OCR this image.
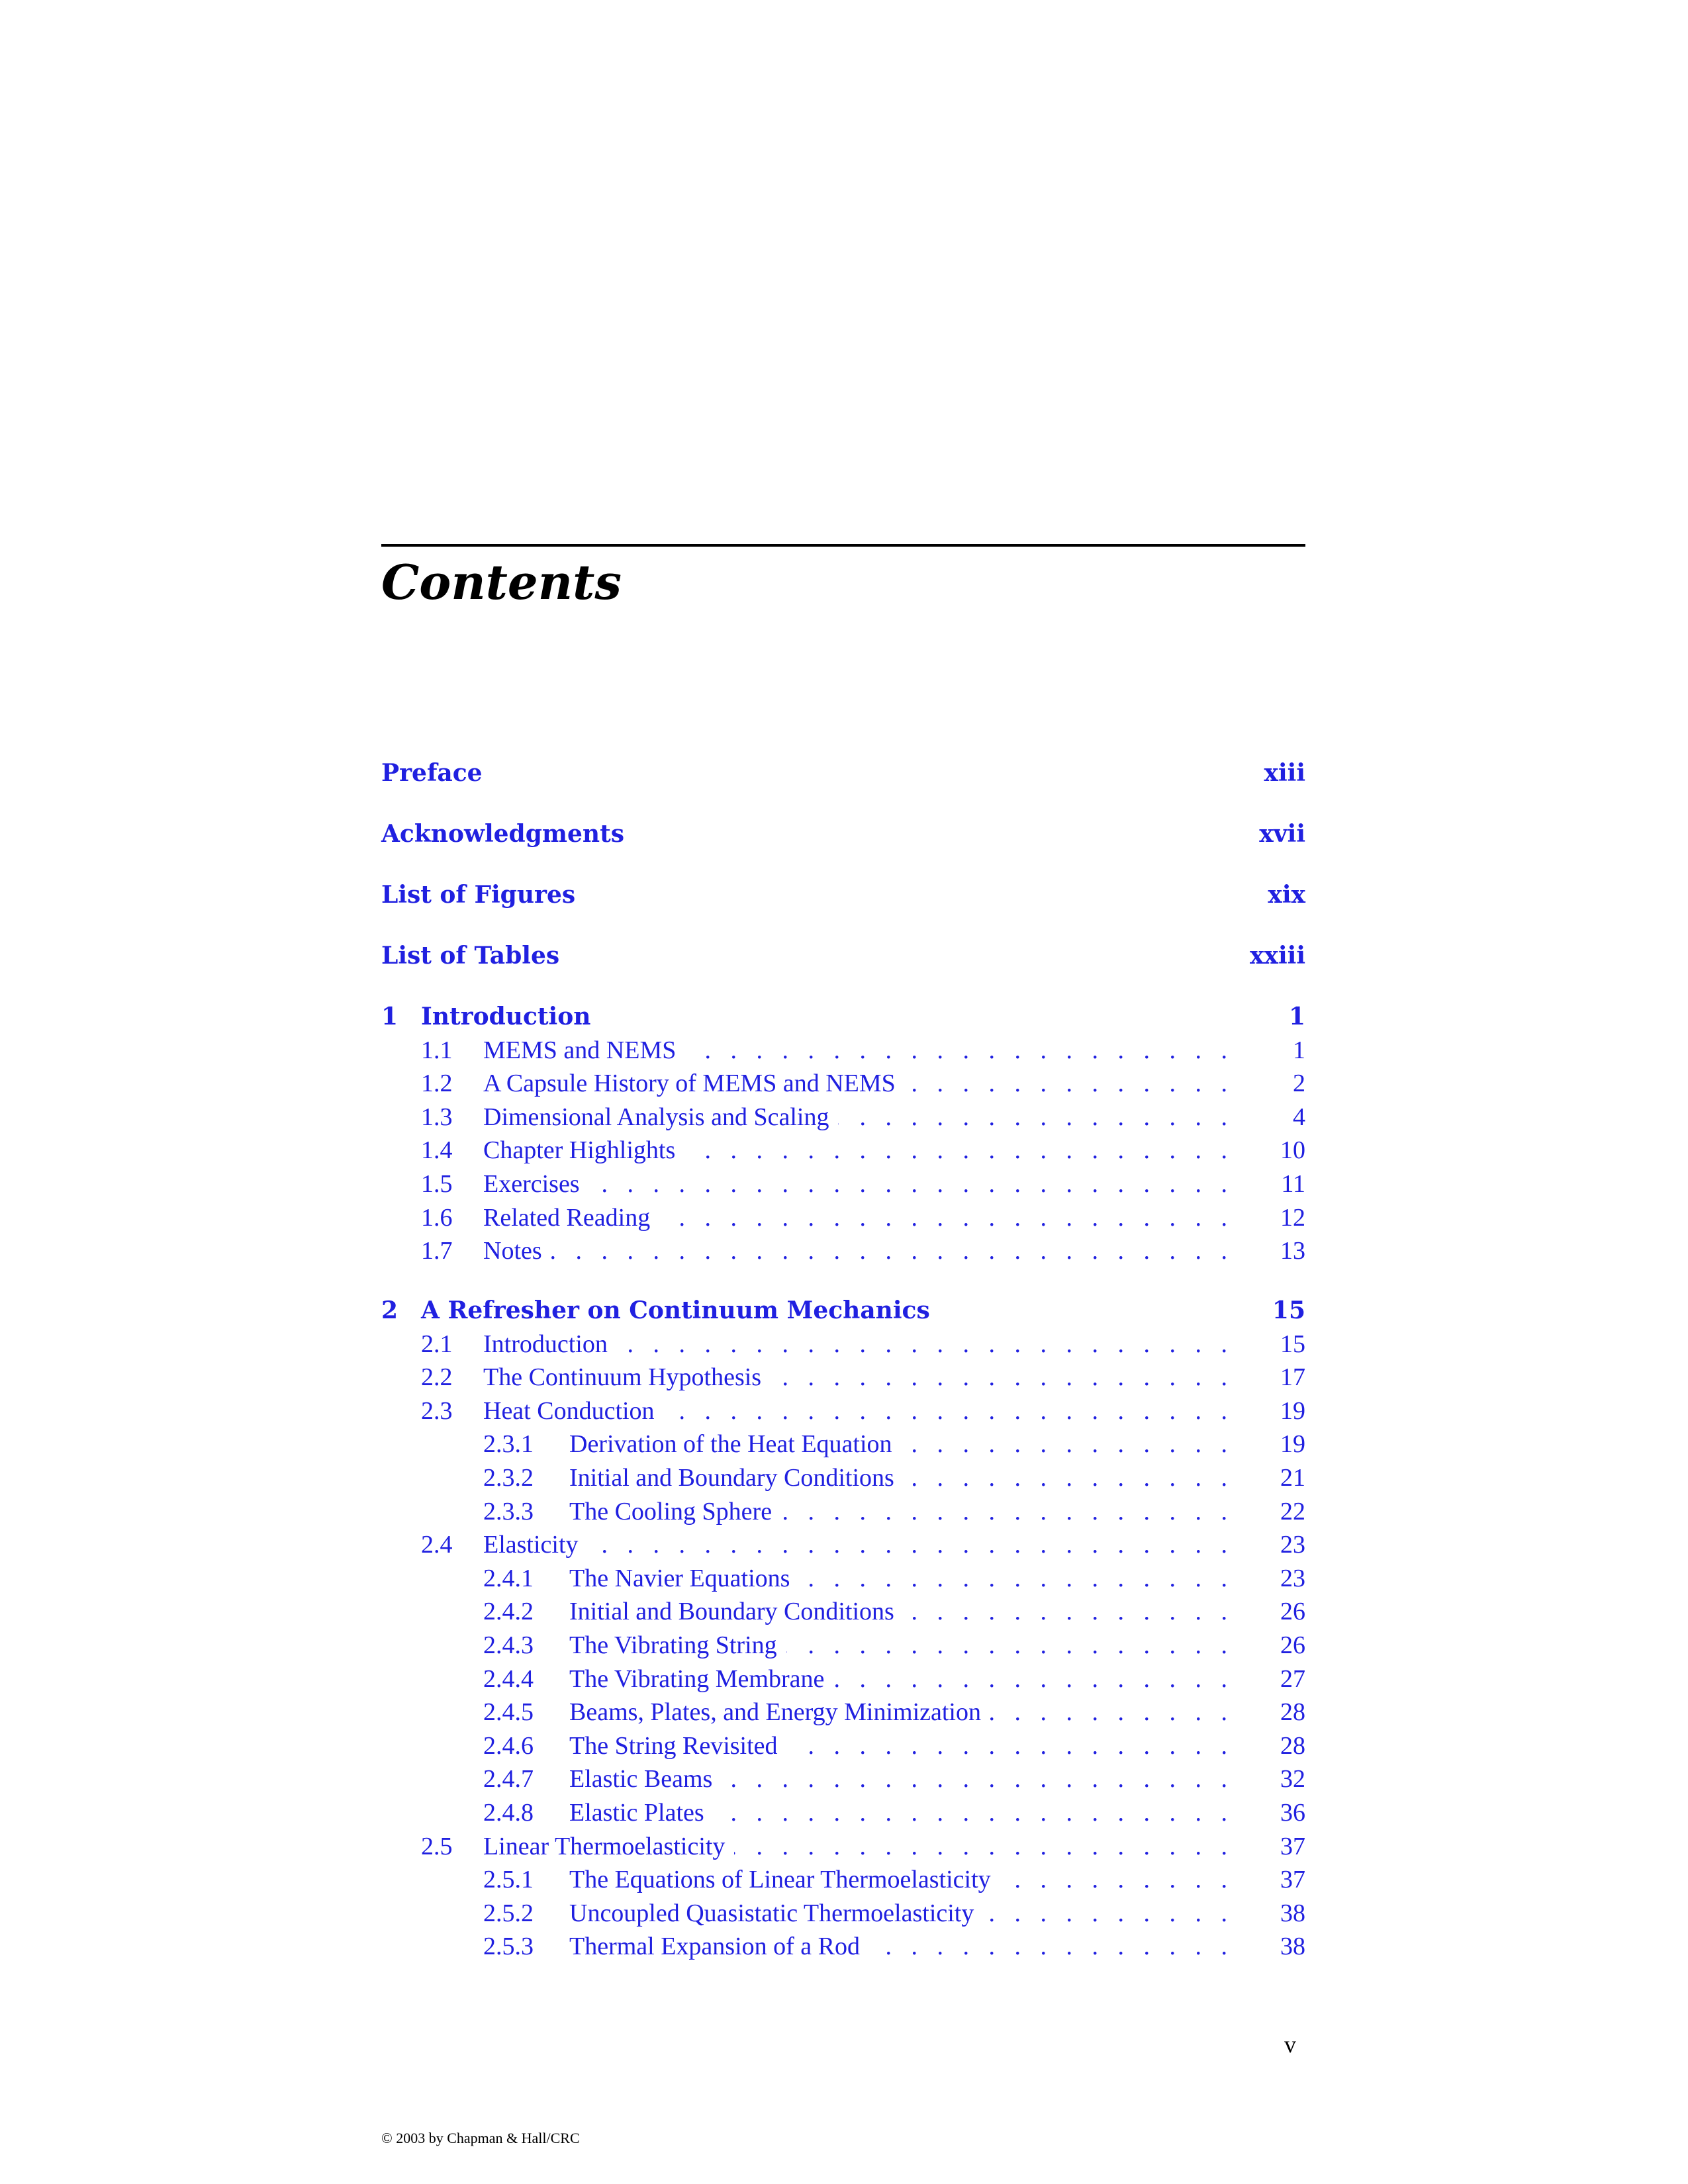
Contents
Preface	xiii
Acknowledgments	xvii
List of Figures	xix
List of Tables	xxiii
1 Introduction	1
1.1 MEMS and NEMS . . .	1
1.2 A Capsule History of MEMS and NEMS . . .	2
1.3 Dimensional Analysis and Scaling . . .	4
1.4 Chapter Highlights . . .	10
1.5 Exercises . . .	11
1.6 Related Reading . . .	12
1.7 Notes . . .	13
2 A Refresher on Continuum Mechanics	15
2.1 Introduction . . .	15
2.2 The Continuum Hypothesis . . .	17
2.3 Heat Conduction . . .	19
2.3.1 Derivation of the Heat Equation . . .	19
2.3.2 Initial and Boundary Conditions . . .	21
2.3.3 The Cooling Sphere . . .	22
2.4 Elasticity . . .	23
2.4.1 The Navier Equations . . .	23
2.4.2 Initial and Boundary Conditions . . .	26
2.4.3 The Vibrating String . . .	26
2.4.4 The Vibrating Membrane . . .	27
2.4.5 Beams, Plates, and Energy Minimization . . .	28
2.4.6 The String Revisited . . .	28
2.4.7 Elastic Beams . . .	32
2.4.8 Elastic Plates . . .	36
2.5 Linear Thermoelasticity . . .	37
2.5.1 The Equations of Linear Thermoelasticity . . .	37
2.5.2 Uncoupled Quasistatic Thermoelasticity . . .	38
2.5.3 Thermal Expansion of a Rod . . .	38
v
© 2003 by Chapman & Hall/CRC
